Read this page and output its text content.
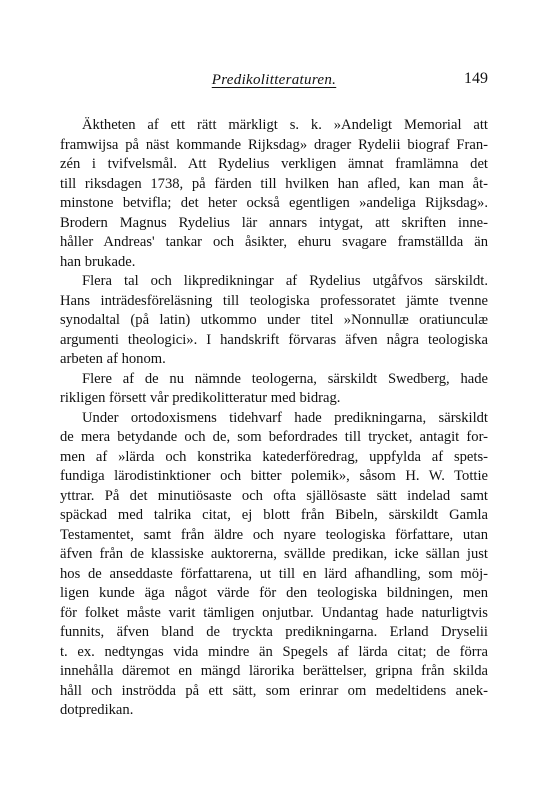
Predikolitteraturen.	149
Äktheten af ett rätt märkligt s. k. »Andeligt Memorial att
framwijsa på näst kommande Rijksdag» drager Rydelii biograf Fran-
zén i tvifvelsmål. Att Rydelius verkligen ämnat framlämna det
till riksdagen 1738, på färden till hvilken han afled, kan man åt-
minstone betvifla; det heter också egentligen »andeliga Rijksdag».
Brodern Magnus Rydelius lär annars intygat, att skriften inne-
håller Andreas' tankar och åsikter, ehuru svagare framställda än
han brukade.
Flera tal och likpredikningar af Rydelius utgåfvos särskildt.
Hans inträdesföreläsning till teologiska professoratet jämte tvenne
synodaltal (på latin) utkommo under titel »Nonnullæ oratiunculæ
argumenti theologici». I handskrift förvaras äfven några teologiska
arbeten af honom.
Flere af de nu nämnde teologerna, särskildt Swedberg, hade
rikligen försett vår predikolitteratur med bidrag.
Under ortodoxismens tidehvarf hade predikningarna, särskildt
de mera betydande och de, som befordrades till trycket, antagit for-
men af »lärda och konstrika katederföredrag, uppfylda af spets-
fundiga lärodistinktioner och bitter polemik», såsom H. W. Tottie
yttrar. På det minutiösaste och ofta själlösaste sätt indelad samt
späckad med talrika citat, ej blott från Bibeln, särskildt Gamla
Testamentet, samt från äldre och nyare teologiska författare, utan
äfven från de klassiske auktorerna, svällde predikan, icke sällan just
hos de anseddaste författarena, ut till en lärd afhandling, som möj-
ligen kunde äga något värde för den teologiska bildningen, men
för folket måste varit tämligen onjutbar. Undantag hade naturligtvis
funnits, äfven bland de tryckta predikningarna. Erland Dryselii
t. ex. nedtyngas vida mindre än Spegels af lärda citat; de förra
innehålla däremot en mängd lärorika berättelser, gripna från skilda
håll och inströdda på ett sätt, som erinrar om medeltidens anek-
dotpredikan.
